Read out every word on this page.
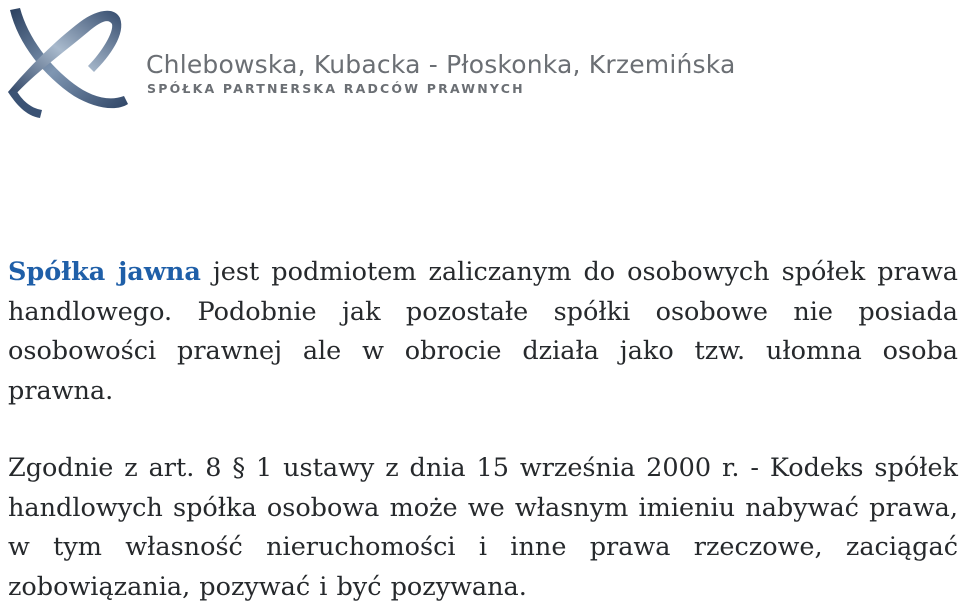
Chlebowska, Kubacka - Płoskonka, Krzemińska
SPÓŁKA PARTNERSKA RADCÓW PRAWNYCH

Spółka jawna jest podmiotem zaliczanym do osobowych spółek prawa handlowego. Podobnie jak pozostałe spółki osobowe nie posiada osobowości prawnej ale w obrocie działa jako tzw. ułomna osoba prawna.

Zgodnie z art. 8 § 1 ustawy z dnia 15 września 2000 r. - Kodeks spółek handlowych spółka osobowa może we własnym imieniu nabywać prawa, w tym własność nieruchomości i inne prawa rzeczowe, zaciągać zobowiązania, pozywać i być pozywana.
